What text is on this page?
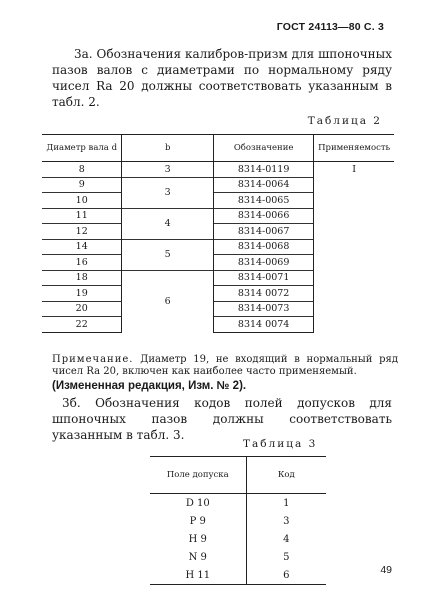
ГОСТ 24113—80 С. 3
3а. Обозначения калибров-призм для шпоночных пазов валов с диаметрами по нормальному ряду чисел Ra 20 должны соответствовать указанным в табл. 2.
Таблица 2
Диаметр вала d	b	Обозначение	Применяемость
8	3	8314-0119	I
9	3	8314-0064	
10		8314-0065	
11	4	8314-0066	
12		8314-0067	
14	5	8314-0068	
16		8314-0069	
18	6	8314-0071	
19		8314 0072	
20		8314-0073	
22		8314 0074	
Примечание. Диаметр 19, не входящий в нормальный ряд чисел Ra 20, включен как наиболее часто применяемый.
(Измененная редакция, Изм. № 2).
3б. Обозначения кодов полей допусков для шпоночных пазов должны соответствовать указанным в табл. 3.
Таблица 3
Поле допуска	Код
D 10	1
P 9	3
H 9	4
N 9	5
H 11	6	49
